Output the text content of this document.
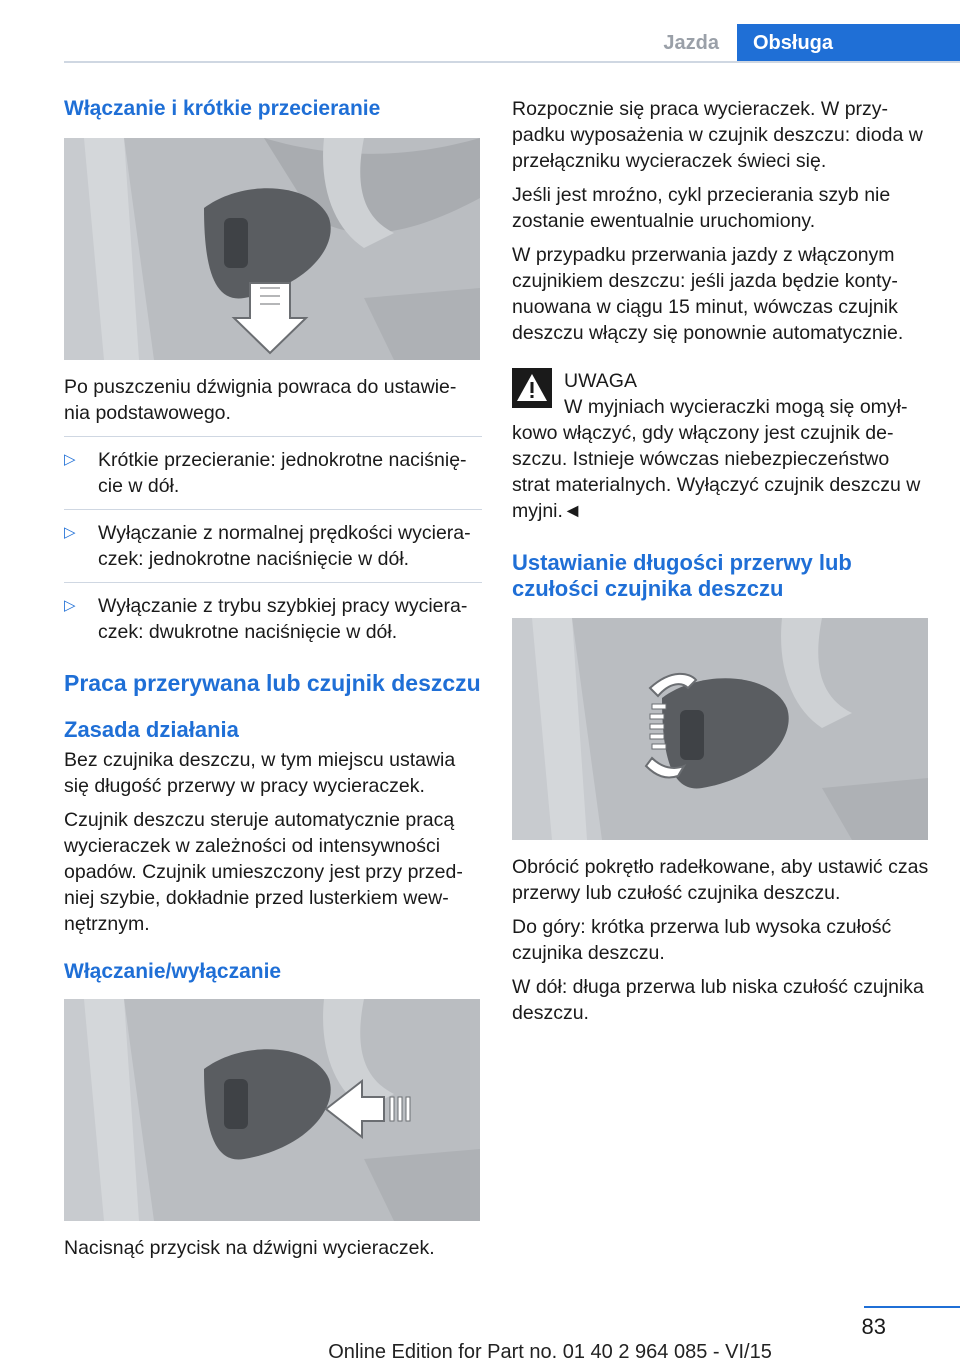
Jazda	Obsługa
Włączanie i krótkie przecieranie

Po puszczeniu dźwignia powraca do ustawie‐ nia podstawowego.

▷ Krótkie przecieranie: jednokrotne naciśnię‐ cie w dół.
▷ Wyłączanie z normalnej prędkości wyciera‐ czek: jednokrotne naciśnięcie w dół.
▷ Wyłączanie z trybu szybkiej pracy wyciera‐ czek: dwukrotne naciśnięcie w dół.
Praca przerywana lub czujnik deszczu
Zasada działania

Bez czujnika deszczu, w tym miejscu ustawia się długość przerwy w pracy wycieraczek.

Czujnik deszczu steruje automatycznie pracą wycieraczek w zależności od intensywności opadów. Czujnik umieszczony jest przy przed‐ niej szybie, dokładnie przed lusterkiem wew‐ nętrznym.

Włączanie/wyłączanie

Nacisnąć przycisk na dźwigni wycieraczek.

Rozpocznie się praca wycieraczek. W przy‐ padku wyposażenia w czujnik deszczu: dioda w przełączniku wycieraczek świeci się.

Jeśli jest mroźno, cykl przecierania szyb nie zostanie ewentualnie uruchomiony.

W przypadku przerwania jazdy z włączonym czujnikiem deszczu: jeśli jazda będzie konty‐ nuowana w ciągu 15 minut, wówczas czujnik deszczu włączy się ponownie automatycznie.

UWAGA
W myjniach wycieraczki mogą się omył‐ kowo włączyć, gdy włączony jest czujnik de‐ szczu. Istnieje wówczas niebezpieczeństwo strat materialnych. Wyłączyć czujnik deszczu w myjni.◄
Ustawianie długości przerwy lub czułości czujnika deszczu

Obrócić pokrętło radełkowane, aby ustawić czas przerwy lub czułość czujnika deszczu.

Do góry: krótka przerwa lub wysoka czułość czujnika deszczu.

W dół: długa przerwa lub niska czułość czujnika deszczu.

83
Online Edition for Part no. 01 40 2 964 085 - VI/15
